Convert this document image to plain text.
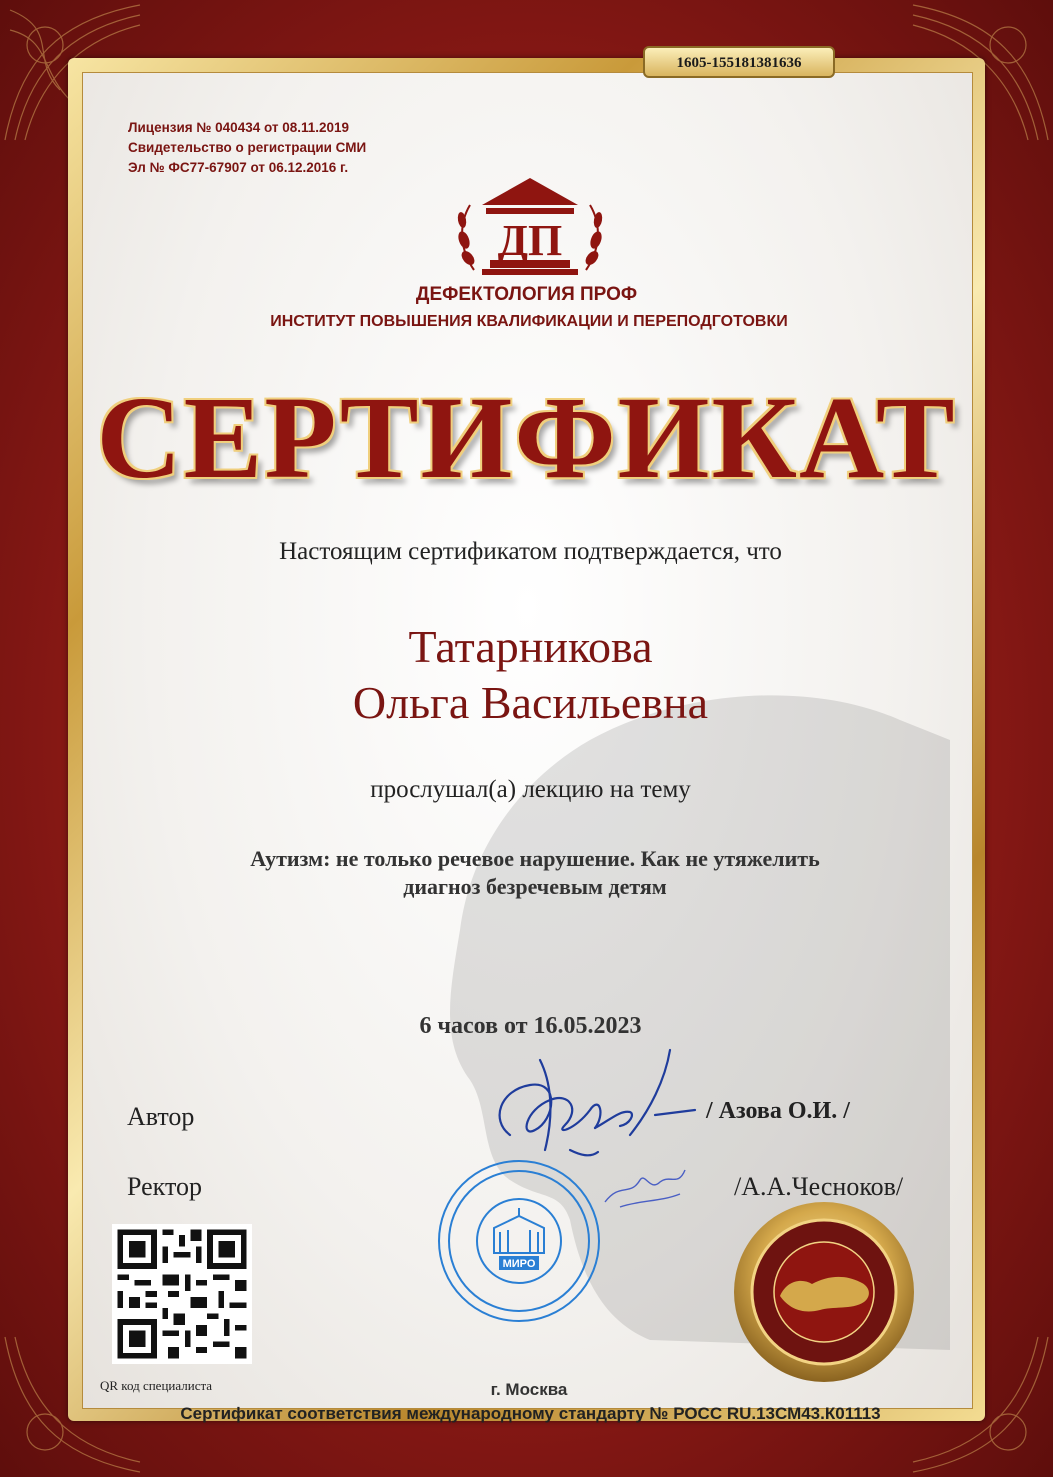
1605-155181381636
Лицензия № 040434 от 08.11.2019
Свидетельство о регистрации СМИ
Эл № ФС77-67907 от 06.12.2016 г.
ДП
ДЕФЕКТОЛОГИЯ ПРОФ
ИНСТИТУТ ПОВЫШЕНИЯ КВАЛИФИКАЦИИ И ПЕРЕПОДГОТОВКИ
СЕРТИФИКАТ
Настоящим сертификатом подтверждается, что
Татарникова
Ольга Васильевна
прослушал(а) лекцию на тему
Аутизм: не только речевое нарушение. Как не утяжелить
диагноз безречевым детям
6 часов от 16.05.2023
Автор
Ректор
/ Азова О.И. /
/А.А.Чесноков/
МИРО
QR код специалиста	г. Москва
Сертификат соответствия международному стандарту № РОСС RU.13СМ43.К01113
